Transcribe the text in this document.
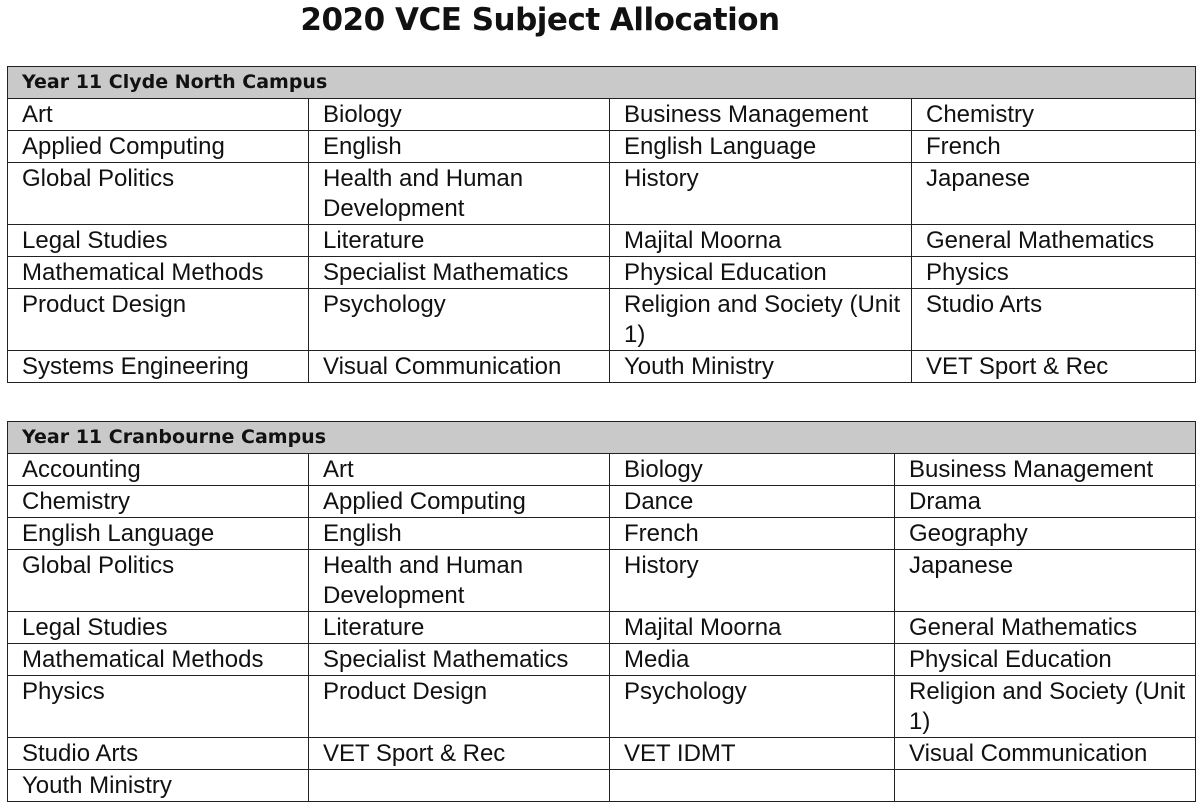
2020 VCE Subject Allocation
Year 11 Clyde North Campus			
Art	Biology	Business Management	Chemistry
Applied Computing	English	English Language	French
Global Politics	Health and Human Development	History	Japanese
Legal Studies	Literature	Majital Moorna	General Mathematics
Mathematical Methods	Specialist Mathematics	Physical Education	Physics
Product Design	Psychology	Religion and Society (Unit 1)	Studio Arts
Systems Engineering	Visual Communication	Youth Ministry	VET Sport & Rec
Year 11 Cranbourne Campus			
Accounting	Art	Biology	Business Management
Chemistry	Applied Computing	Dance	Drama
English Language	English	French	Geography
Global Politics	Health and Human Development	History	Japanese
Legal Studies	Literature	Majital Moorna	General Mathematics
Mathematical Methods	Specialist Mathematics	Media	Physical Education
Physics	Product Design	Psychology	Religion and Society (Unit 1)
Studio Arts	VET Sport & Rec	VET IDMT	Visual Communication
Youth Ministry			
